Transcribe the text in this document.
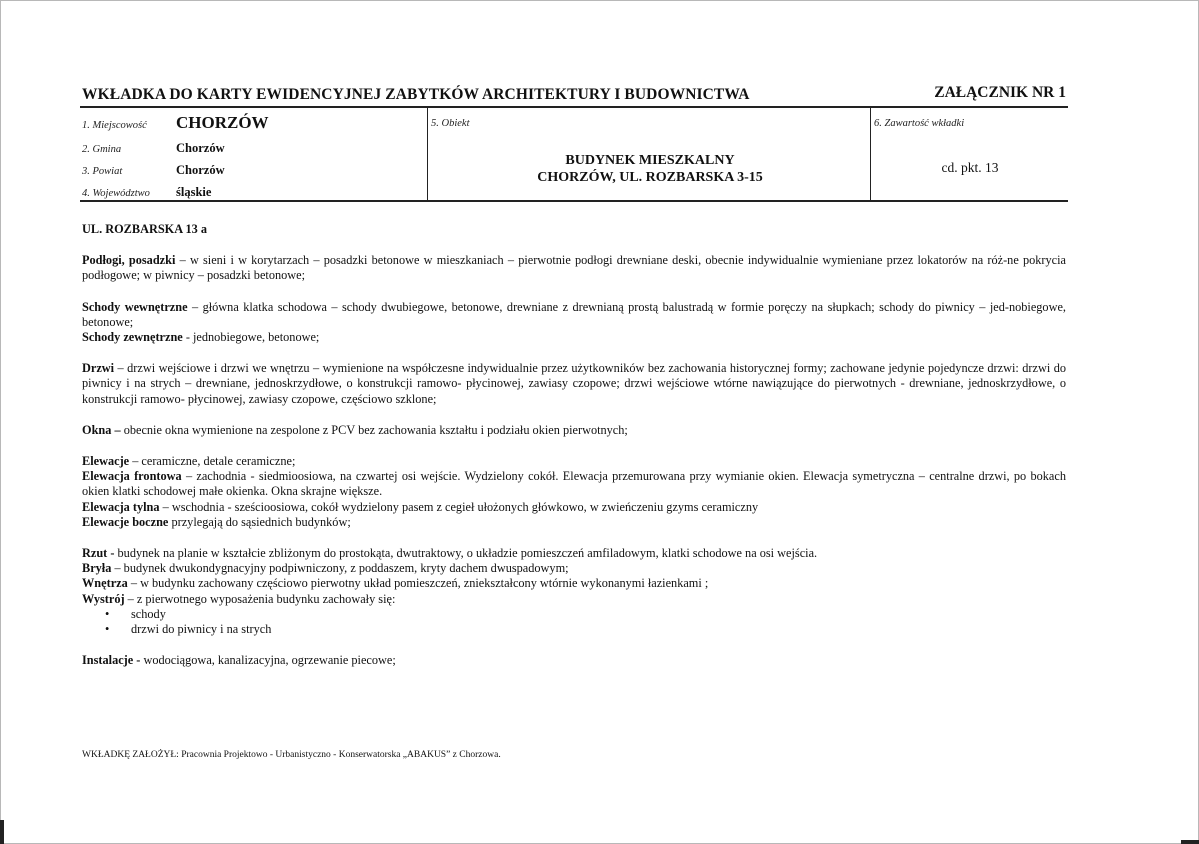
WKŁADKA DO KARTY EWIDENCYJNEJ ZABYTKÓW ARCHITEKTURY I BUDOWNICTWA	ZAŁĄCZNIK NR 1
1. Miejscowość CHORZÓW
2. Gmina	Chorzów
3. Powiat	Chorzów
4. Województwo śląskie
5. Obiekt
BUDYNEK MIESZKALNY
CHORZÓW, UL. ROZBARSKA 3-15
6. Zawartość wkładki
cd. pkt. 13

UL. ROZBARSKA 13 a

Podłogi, posadzki – w sieni i w korytarzach – posadzki betonowe w mieszkaniach – pierwotnie podłogi drewniane deski, obecnie indywidualnie wymieniane przez lokatorów na róż-ne pokrycia podłogowe; w piwnicy – posadzki betonowe;

Schody wewnętrzne – główna klatka schodowa – schody dwubiegowe, betonowe, drewniane z drewnianą prostą balustradą w formie poręczy na słupkach; schody do piwnicy – jed-nobiegowe, betonowe;

Schody zewnętrzne - jednobiegowe, betonowe;

Drzwi – drzwi wejściowe i drzwi we wnętrzu – wymienione na współczesne indywidualnie przez użytkowników bez zachowania historycznej formy; zachowane jedynie pojedyncze drzwi: drzwi do piwnicy i na strych – drewniane, jednoskrzydłowe, o konstrukcji ramowo- płycinowej, zawiasy czopowe; drzwi wejściowe wtórne nawiązujące do pierwotnych - drewniane, jednoskrzydłowe, o konstrukcji ramowo- płycinowej, zawiasy czopowe, częściowo szklone;

Okna – obecnie okna wymienione na zespolone z PCV bez zachowania kształtu i podziału okien pierwotnych;

Elewacje – ceramiczne, detale ceramiczne;

Elewacja frontowa – zachodnia - siedmioosiowa, na czwartej osi wejście. Wydzielony cokół. Elewacja przemurowana przy wymianie okien. Elewacja symetryczna – centralne drzwi, po bokach okien klatki schodowej małe okienka. Okna skrajne większe.

Elewacja tylna – wschodnia - sześcioosiowa, cokół wydzielony pasem z cegieł ułożonych główkowo, w zwieńczeniu gzyms ceramiczny

Elewacje boczne przylegają do sąsiednich budynków;

Rzut - budynek na planie w kształcie zbliżonym do prostokąta, dwutraktowy, o układzie pomieszczeń amfiladowym, klatki schodowe na osi wejścia.

Bryła – budynek dwukondygnacyjny podpiwniczony, z poddaszem, kryty dachem dwuspadowym;

Wnętrza – w budynku zachowany częściowo pierwotny układ pomieszczeń, zniekształcony wtórnie wykonanymi łazienkami ;

Wystrój – z pierwotnego wyposażenia budynku zachowały się:

• schody
• drzwi do piwnicy i na strych

Instalacje - wodociągowa, kanalizacyjna, ogrzewanie piecowe;

WKŁADKĘ ZAŁOŻYŁ: Pracownia Projektowo - Urbanistyczno - Konserwatorska „ABAKUS” z Chorzowa.
